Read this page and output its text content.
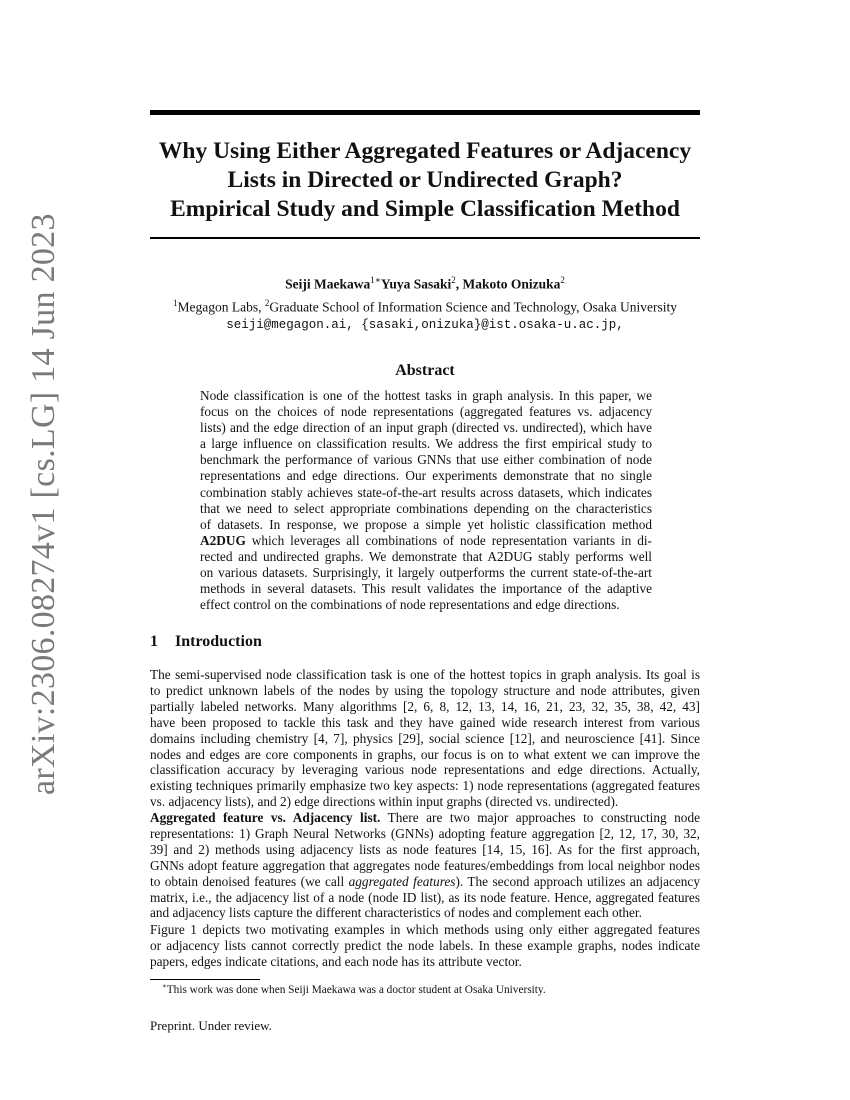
arXiv:2306.08274v1 [cs.LG] 14 Jun 2023
Why Using Either Aggregated Features or Adjacency
Lists in Directed or Undirected Graph?
Empirical Study and Simple Classification Method
Seiji Maekawa$^{1∗}$Yuya Sasaki$^2$, Makoto Onizuka$^2$
$^1$Megagon Labs, $^2$Graduate School of Information Science and Technology, Osaka University
seiji@megagon.ai, {sasaki,onizuka}@ist.osaka-u.ac.jp,
Abstract
Node classification is one of the hottest tasks in graph analysis. In this paper, we
focus on the choices of node representations (aggregated features vs. adjacency
lists) and the edge direction of an input graph (directed vs. undirected), which have
a large influence on classification results. We address the first empirical study to
benchmark the performance of various GNNs that use either combination of node
representations and edge directions. Our experiments demonstrate that no single
combination stably achieves state-of-the-art results across datasets, which indicates
that we need to select appropriate combinations depending on the characteristics
of datasets. In response, we propose a simple yet holistic classification method
A2DUG which leverages all combinations of node representation variants in di-
rected and undirected graphs. We demonstrate that A2DUG stably performs well
on various datasets. Surprisingly, it largely outperforms the current state-of-the-art
methods in several datasets. This result validates the importance of the adaptive
effect control on the combinations of node representations and edge directions.
1 Introduction
The semi-supervised node classification task is one of the hottest topics in graph analysis. Its goal is
to predict unknown labels of the nodes by using the topology structure and node attributes, given
partially labeled networks. Many algorithms [2, 6, 8, 12, 13, 14, 16, 21, 23, 32, 35, 38, 42, 43]
have been proposed to tackle this task and they have gained wide research interest from various
domains including chemistry [4, 7], physics [29], social science [12], and neuroscience [41]. Since
nodes and edges are core components in graphs, our focus is on to what extent we can improve the
classification accuracy by leveraging various node representations and edge directions. Actually,
existing techniques primarily emphasize two key aspects: 1) node representations (aggregated features
vs. adjacency lists), and 2) edge directions within input graphs (directed vs. undirected).
Aggregated feature vs. Adjacency list. There are two major approaches to constructing node
representations: 1) Graph Neural Networks (GNNs) adopting feature aggregation [2, 12, 17, 30, 32,
39] and 2) methods using adjacency lists as node features [14, 15, 16]. As for the first approach,
GNNs adopt feature aggregation that aggregates node features/embeddings from local neighbor nodes
to obtain denoised features (we call aggregated features). The second approach utilizes an adjacency
matrix, i.e., the adjacency list of a node (node ID list), as its node feature. Hence, aggregated features
and adjacency lists capture the different characteristics of nodes and complement each other.
Figure 1 depicts two motivating examples in which methods using only either aggregated features
or adjacency lists cannot correctly predict the node labels. In these example graphs, nodes indicate
papers, edges indicate citations, and each node has its attribute vector.
∗This work was done when Seiji Maekawa was a doctor student at Osaka University.
Preprint. Under review.
